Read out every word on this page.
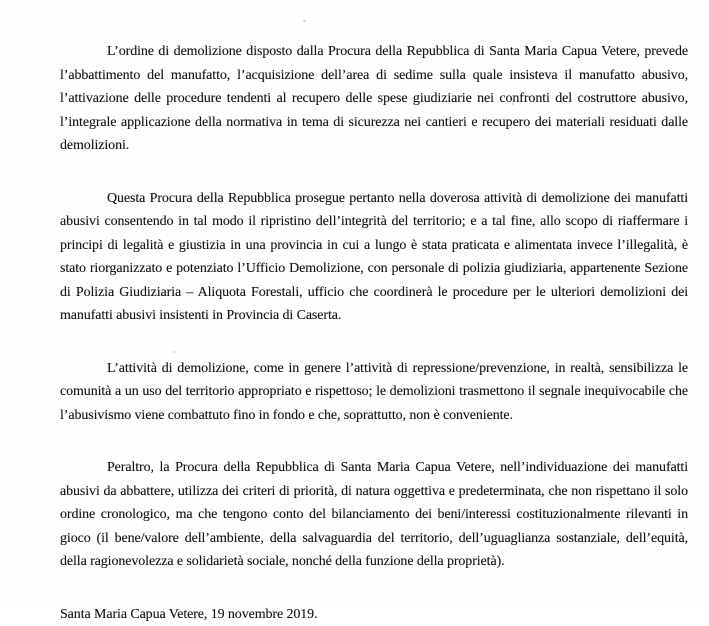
L’ordine di demolizione disposto dalla Procura della Repubblica di Santa Maria Capua Vetere, prevede l’abbattimento del manufatto, l’acquisizione dell’area di sedime sulla quale insisteva il manufatto abusivo, l’attivazione delle procedure tendenti al recupero delle spese giudiziarie nei confronti del costruttore abusivo, l’integrale applicazione della normativa in tema di sicurezza nei cantieri e recupero dei materiali residuati dalle demolizioni.

Questa Procura della Repubblica prosegue pertanto nella doverosa attività di demolizione dei manufatti abusivi consentendo in tal modo il ripristino dell’integrità del territorio; e a tal fine, allo scopo di riaffermare i principi di legalità e giustizia in una provincia in cui a lungo è stata praticata e alimentata invece l’illegalità, è stato riorganizzato e potenziato l’Ufficio Demolizione, con personale di polizia giudiziaria, appartenente Sezione di Polizia Giudiziaria – Aliquota Forestali, ufficio che coordinerà le procedure per le ulteriori demolizioni dei manufatti abusivi insistenti in Provincia di Caserta.

L’attività di demolizione, come in genere l’attività di repressione/prevenzione, in realtà, sensibilizza le comunità a un uso del territorio appropriato e rispettoso; le demolizioni trasmettono il segnale inequivocabile che l’abusivismo viene combattuto fino in fondo e che, soprattutto, non è conveniente.

Peraltro, la Procura della Repubblica di Santa Maria Capua Vetere, nell’individuazione dei manufatti abusivi da abbattere, utilizza dei criteri di priorità, di natura oggettiva e predeterminata, che non rispettano il solo ordine cronologico, ma che tengono conto del bilanciamento dei beni/interessi costituzionalmente rilevanti in gioco (il bene/valore dell’ambiente, della salvaguardia del territorio, dell’uguaglianza sostanziale, dell’equità, della ragionevolezza e solidarietà sociale, nonché della funzione della proprietà).

Santa Maria Capua Vetere, 19 novembre 2019.
